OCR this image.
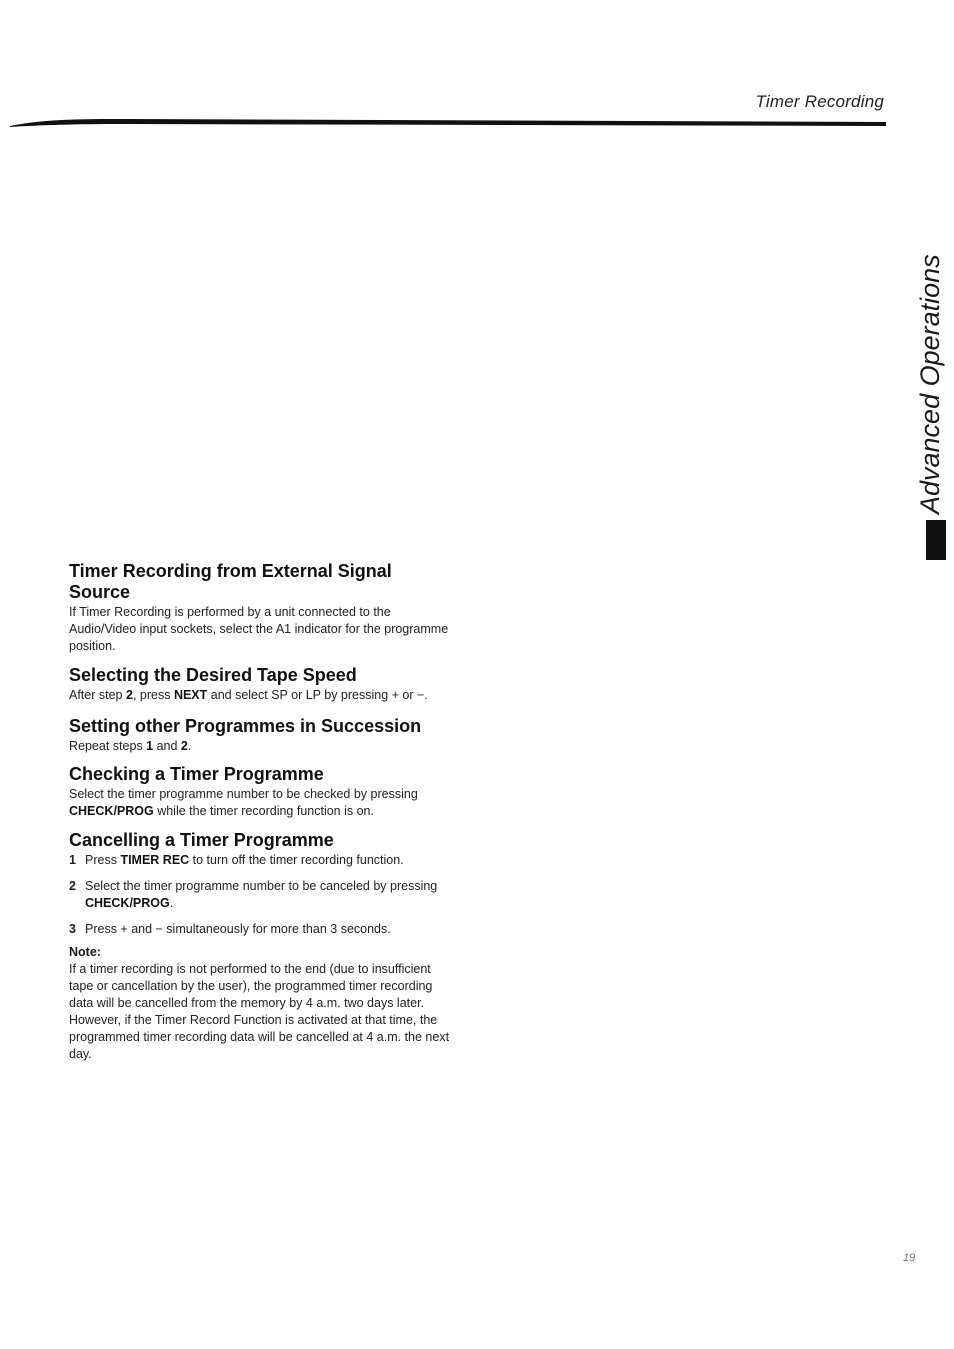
Timer Recording
Advanced Operations
Timer Recording from External Signal Source

If Timer Recording is performed by a unit connected to the Audio/Video input sockets, select the A1 indicator for the programme position.

Selecting the Desired Tape Speed

After step 2, press NEXT and select SP or LP by pressing + or −.

Setting other Programmes in Succession

Repeat steps 1 and 2.

Checking a Timer Programme

Select the timer programme number to be checked by pressing CHECK/PROG while the timer recording function is on.

Cancelling a Timer Programme
1 Press TIMER REC to turn off the timer recording function.
2 Select the timer programme number to be canceled by pressing CHECK/PROG.
3 Press + and − simultaneously for more than 3 seconds.
Note:

If a timer recording is not performed to the end (due to insufficient tape or cancellation by the user), the programmed timer recording data will be cancelled from the memory by 4 a.m. two days later.

However, if the Timer Record Function is activated at that time, the programmed timer recording data will be cancelled at 4 a.m. the next day.

19
